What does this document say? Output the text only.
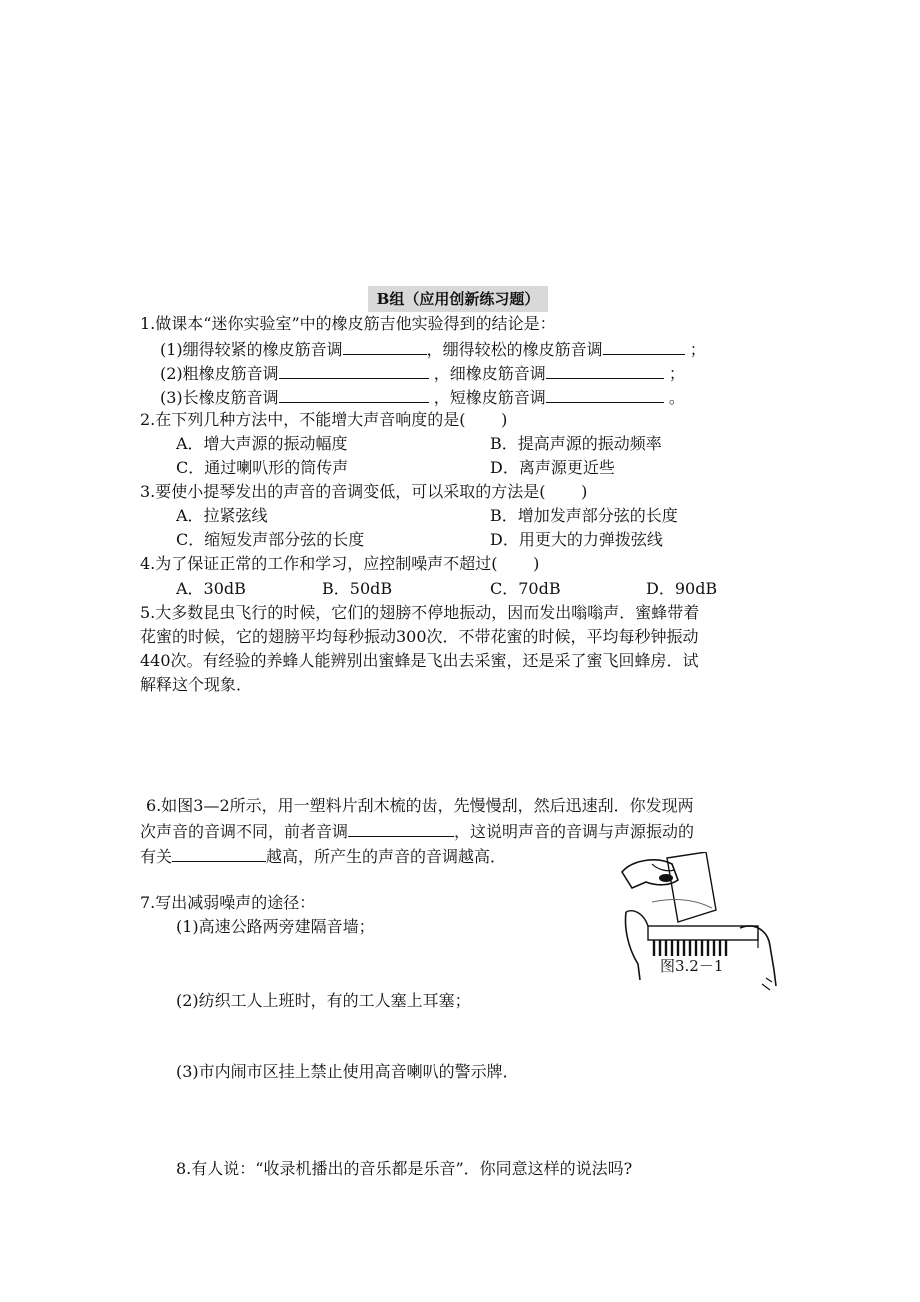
B组（应用创新练习题）
1.做课本“迷你实验室”中的橡皮筋吉他实验得到的结论是：
(1)绷得较紧的橡皮筋音调	，绷得较松的橡皮筋音调	；
(2)粗橡皮筋音调	，细橡皮筋音调	；
(3)长橡皮筋音调	，短橡皮筋音调	。
2.在下列几种方法中，不能增大声音响度的是(       )
A．增大声源的振动幅度	B．提高声源的振动频率
C．通过喇叭形的筒传声	D．离声源更近些
3.要使小提琴发出的声音的音调变低，可以采取的方法是(       )
A．拉紧弦线	B．增加发声部分弦的长度
C．缩短发声部分弦的长度	D．用更大的力弹拨弦线
4.为了保证正常的工作和学习，应控制噪声不超过(       )
A．30dB	B．50dB	C．70dB	D．90dB
5.大多数昆虫飞行的时候，它们的翅膀不停地振动，因而发出嗡嗡声．蜜蜂带着
花蜜的时候，它的翅膀平均每秒振动300次．不带花蜜的时候，平均每秒钟振动
440次。有经验的养蜂人能辨别出蜜蜂是飞出去采蜜，还是采了蜜飞回蜂房．试
解释这个现象．
6.如图3—2所示，用一塑料片刮木梳的齿，先慢慢刮，然后迅速刮．你发现两
次声音的音调不同，前者音调	，这说明声音的音调与声源振动的
有关	越高，所产生的声音的音调越高．
图3.2－1
7.写出减弱噪声的途径：
(1)高速公路两旁建隔音墙；
(2)纺织工人上班时，有的工人塞上耳塞；
(3)市内闹市区挂上禁止使用高音喇叭的警示牌．
8.有人说：“收录机播出的音乐都是乐音”．你同意这样的说法吗?
